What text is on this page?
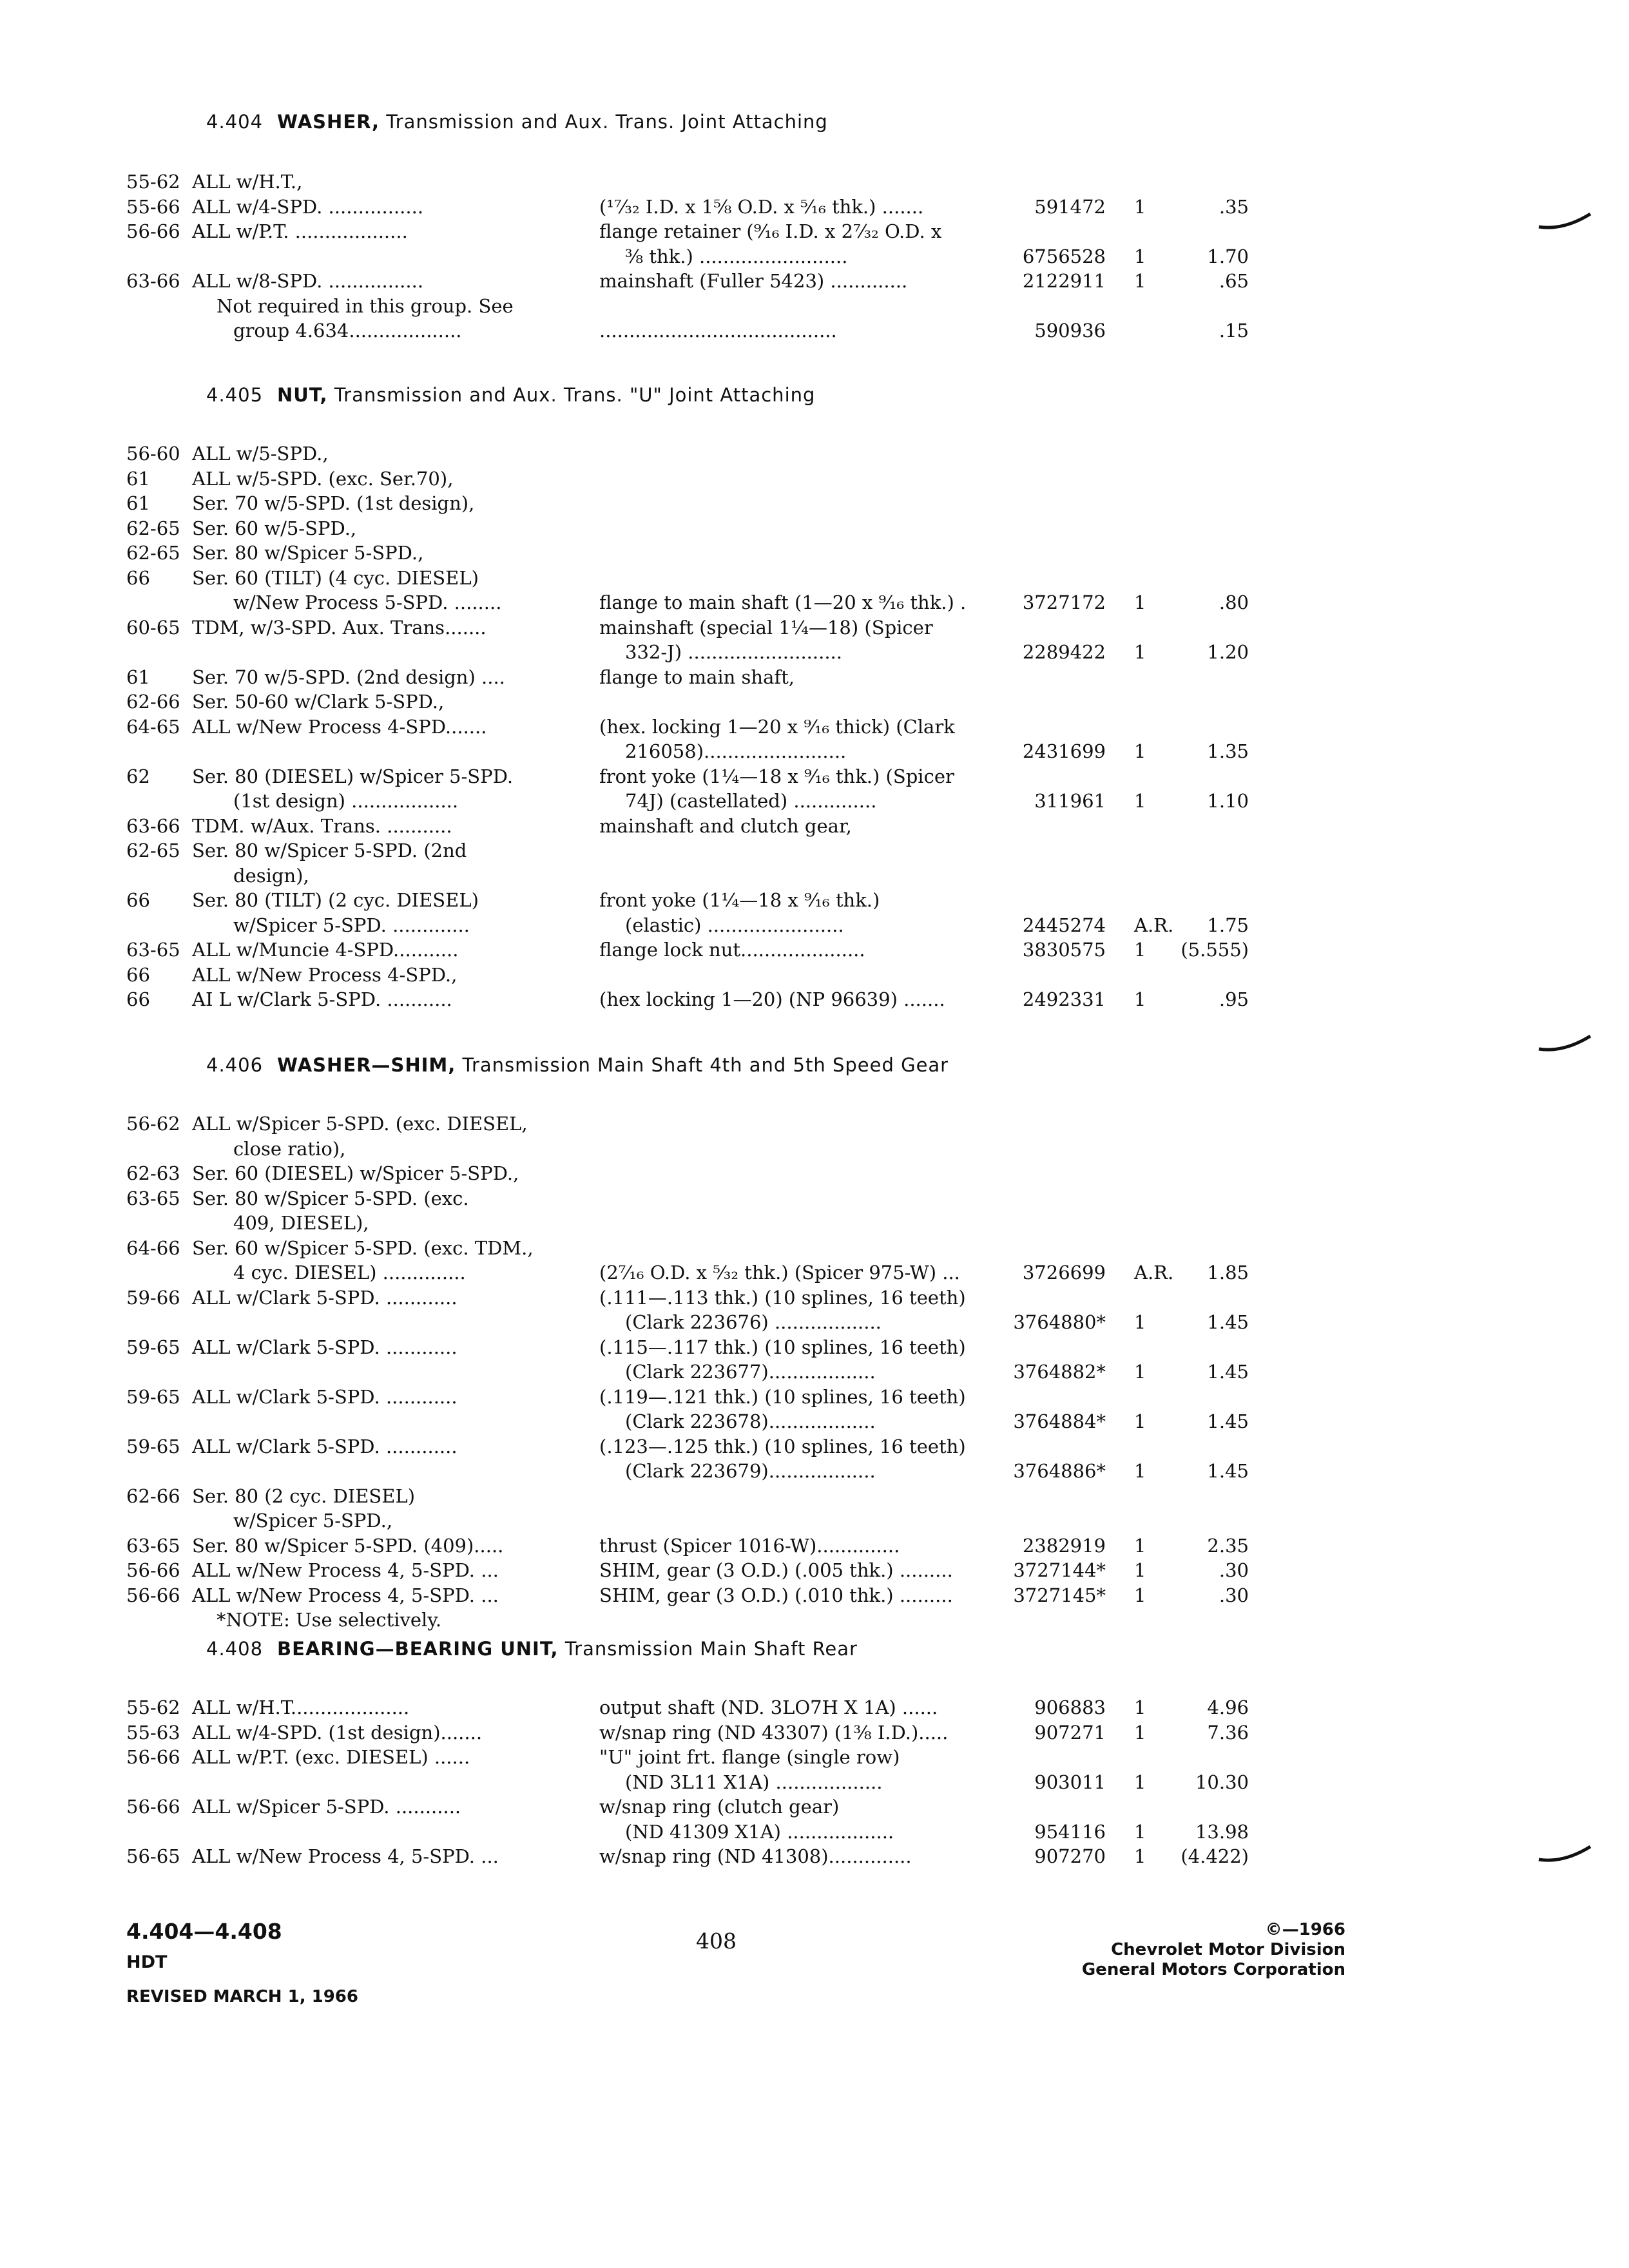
4.404 WASHER, Transmission and Aux. Trans. Joint Attaching
4.405 NUT, Transmission and Aux. Trans. "U" Joint Attaching
4.406 WASHER—SHIM, Transmission Main Shaft 4th and 5th Speed Gear
4.408 BEARING—BEARING UNIT, Transmission Main Shaft Rear
55-62 ALL w/H.T.,
55-66 ALL w/4-SPD. ................	(¹⁷⁄₃₂ I.D. x 1⅝ O.D. x ⁵⁄₁₆ thk.) .......	591472 1	.35
56-66 ALL w/P.T. ...................	flange retainer (⁹⁄₁₆ I.D. x 2⁷⁄₃₂ O.D. x
⅜ thk.) .........................	6756528 1	1.70
63-66 ALL w/8-SPD. ................	mainshaft (Fuller 5423) .............	2122911 1	.65
Not required in this group. See
group 4.634...................	........................................	590936	.15
56-60 ALL w/5-SPD.,
61 ALL w/5-SPD. (exc. Ser.70),
61 Ser. 70 w/5-SPD. (1st design),
62-65 Ser. 60 w/5-SPD.,
62-65 Ser. 80 w/Spicer 5-SPD.,
66 Ser. 60 (TILT) (4 cyc. DIESEL)
w/New Process 5-SPD. ........	flange to main shaft (1—20 x ⁹⁄₁₆ thk.) .	3727172 1	.80
60-65 TDM, w/3-SPD. Aux. Trans.......	mainshaft (special 1¼—18) (Spicer
332-J) ..........................	2289422 1	1.20
61 Ser. 70 w/5-SPD. (2nd design) ....	flange to main shaft,
62-66 Ser. 50-60 w/Clark 5-SPD.,
64-65 ALL w/New Process 4-SPD.......	(hex. locking 1—20 x ⁹⁄₁₆ thick) (Clark
216058)........................	2431699 1	1.35
62 Ser. 80 (DIESEL) w/Spicer 5-SPD.	front yoke (1¼—18 x ⁹⁄₁₆ thk.) (Spicer
(1st design) ..................	74J) (castellated) ..............	311961 1	1.10
63-66 TDM. w/Aux. Trans. ...........	mainshaft and clutch gear,
62-65 Ser. 80 w/Spicer 5-SPD. (2nd
design),
66 Ser. 80 (TILT) (2 cyc. DIESEL)	front yoke (1¼—18 x ⁹⁄₁₆ thk.)
w/Spicer 5-SPD. .............	(elastic) .......................	2445274 A.R. 1.75
63-65 ALL w/Muncie 4-SPD...........	flange lock nut.....................	3830575 1 (5.555)
66 ALL w/New Process 4-SPD.,
66 AI L w/Clark 5-SPD. ...........	(hex locking 1—20) (NP 96639) .......	2492331 1	.95
56-62 ALL w/Spicer 5-SPD. (exc. DIESEL,
close ratio),
62-63 Ser. 60 (DIESEL) w/Spicer 5-SPD.,
63-65 Ser. 80 w/Spicer 5-SPD. (exc.
409, DIESEL),
64-66 Ser. 60 w/Spicer 5-SPD. (exc. TDM.,
4 cyc. DIESEL) ..............	(2⁷⁄₁₆ O.D. x ⁵⁄₃₂ thk.) (Spicer 975-W) ...	3726699 A.R. 1.85
59-66 ALL w/Clark 5-SPD. ............	(.111—.113 thk.) (10 splines, 16 teeth)
(Clark 223676) ..................	3764880* 1	1.45
59-65 ALL w/Clark 5-SPD. ............	(.115—.117 thk.) (10 splines, 16 teeth)
(Clark 223677)..................	3764882* 1	1.45
59-65 ALL w/Clark 5-SPD. ............	(.119—.121 thk.) (10 splines, 16 teeth)
(Clark 223678)..................	3764884* 1	1.45
59-65 ALL w/Clark 5-SPD. ............	(.123—.125 thk.) (10 splines, 16 teeth)
(Clark 223679)..................	3764886* 1	1.45
62-66 Ser. 80 (2 cyc. DIESEL)
w/Spicer 5-SPD.,
63-65 Ser. 80 w/Spicer 5-SPD. (409).....	thrust (Spicer 1016-W)..............	2382919 1	2.35
56-66 ALL w/New Process 4, 5-SPD. ...	SHIM, gear (3 O.D.) (.005 thk.) .........	3727144* 1	.30
56-66 ALL w/New Process 4, 5-SPD. ...	SHIM, gear (3 O.D.) (.010 thk.) .........	3727145* 1	.30
*NOTE: Use selectively.
55-62 ALL w/H.T....................	output shaft (ND. 3LO7H X 1A) ......	906883 1	4.96
55-63 ALL w/4-SPD. (1st design).......	w/snap ring (ND 43307) (1⅜ I.D.).....	907271 1	7.36
56-66 ALL w/P.T. (exc. DIESEL) ......	"U" joint frt. flange (single row)
(ND 3L11 X1A) ..................	903011 1	10.30
56-66 ALL w/Spicer 5-SPD. ...........	w/snap ring (clutch gear)
(ND 41309 X1A) ..................	954116 1	13.98
56-65 ALL w/New Process 4, 5-SPD. ...	w/snap ring (ND 41308)..............	907270 1 (4.422)
4.404—4.408
HDT
REVISED MARCH 1, 1966
408	©—1966
Chevrolet Motor Division
General Motors Corporation
